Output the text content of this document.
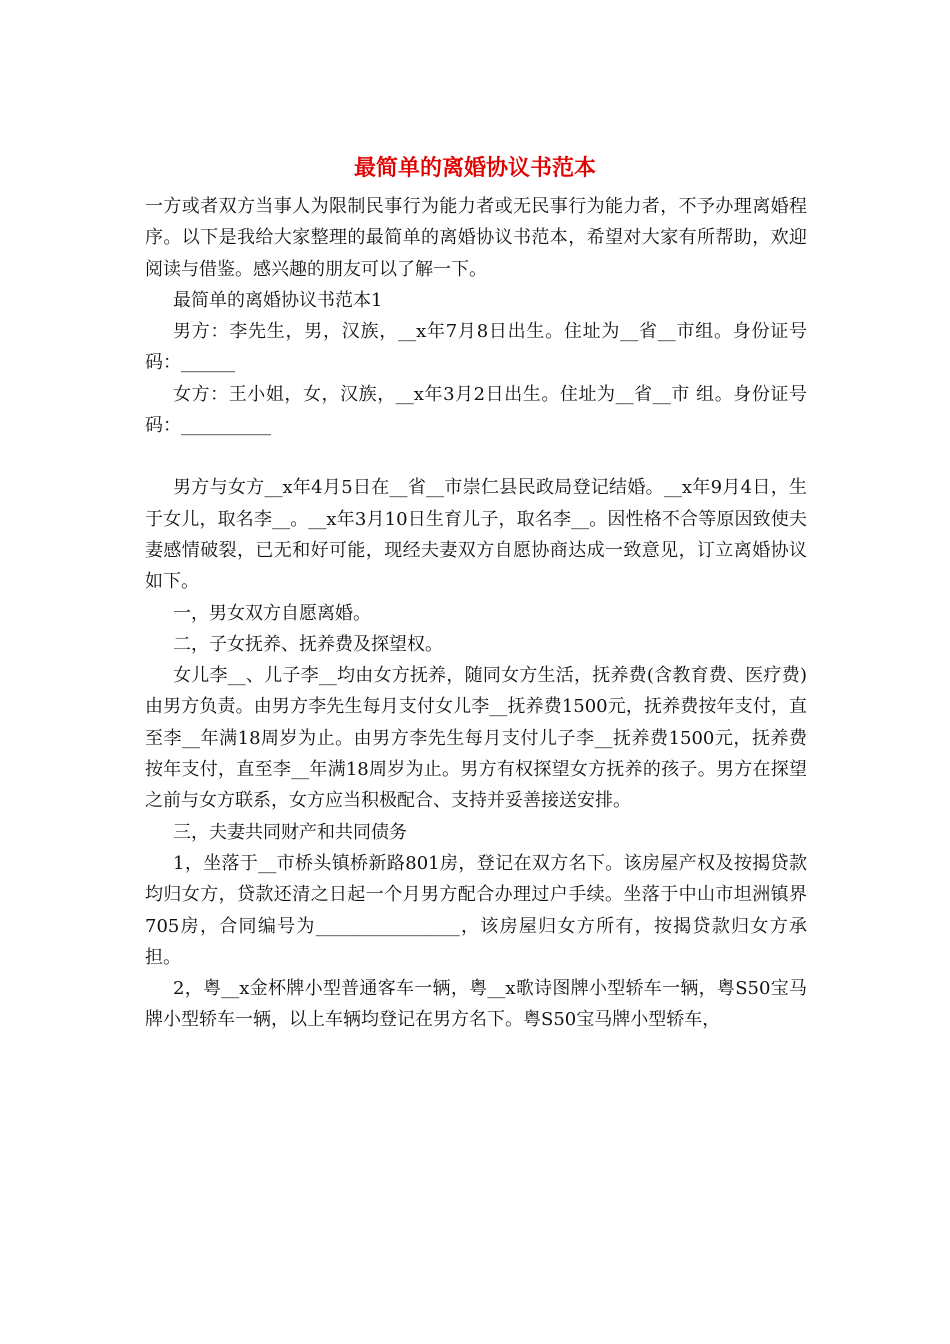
最简单的离婚协议书范本

一方或者双方当事人为限制民事行为能力者或无民事行为能力者，不予办理离婚程序。以下是我给大家整理的最简单的离婚协议书范本，希望对大家有所帮助，欢迎阅读与借鉴。感兴趣的朋友可以了解一下。

最简单的离婚协议书范本1

男方：李先生，男，汉族，__x年7月8日出生。住址为__省__市组。身份证号码：______

女方：王小姐，女，汉族，__x年3月2日出生。住址为__省__市 组。身份证号码：__________

男方与女方__x年4月5日在__省__市崇仁县民政局登记结婚。__x年9月4日，生于女儿，取名李__。__x年3月10日生育儿子，取名李__。因性格不合等原因致使夫妻感情破裂，已无和好可能，现经夫妻双方自愿协商达成一致意见，订立离婚协议如下。

一，男女双方自愿离婚。

二，子女抚养、抚养费及探望权。

女儿李__、儿子李__均由女方抚养，随同女方生活，抚养费(含教育费、医疗费)由男方负责。由男方李先生每月支付女儿李__抚养费1500元，抚养费按年支付，直至李__年满18周岁为止。由男方李先生每月支付儿子李__抚养费1500元，抚养费按年支付，直至李__年满18周岁为止。男方有权探望女方抚养的孩子。男方在探望之前与女方联系，女方应当积极配合、支持并妥善接送安排。

三，夫妻共同财产和共同债务

1，坐落于__市桥头镇桥新路801房，登记在双方名下。该房屋产权及按揭贷款均归女方，贷款还清之日起一个月男方配合办理过户手续。坐落于中山市坦洲镇界705房，合同编号为________________，该房屋归女方所有，按揭贷款归女方承担。

2，粤__x金杯牌小型普通客车一辆，粤__x歌诗图牌小型轿车一辆，粤S50宝马牌小型轿车一辆，以上车辆均登记在男方名下。粤S50宝马牌小型轿车，
